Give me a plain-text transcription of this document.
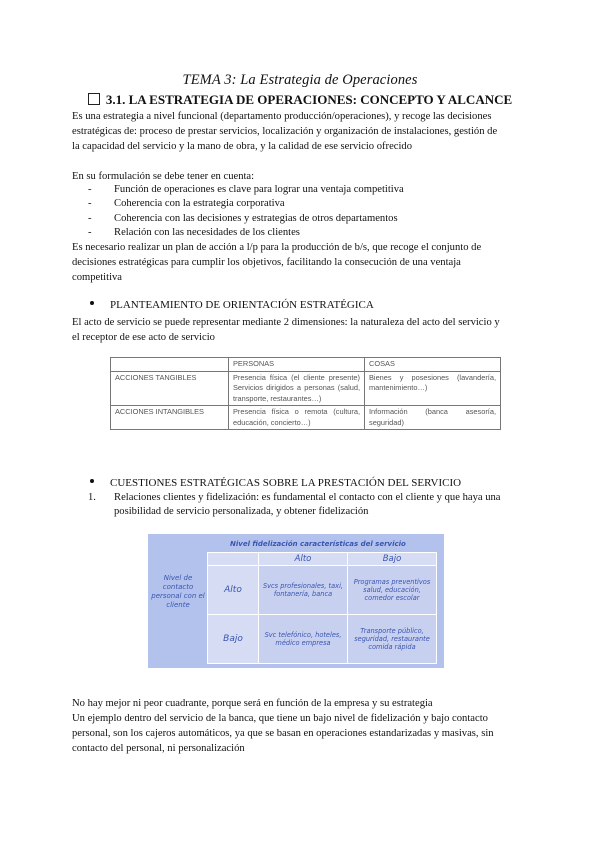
TEMA 3: La Estrategia de Operaciones
3.1. LA ESTRATEGIA DE OPERACIONES: CONCEPTO Y ALCANCE
Es una estrategia a nivel funcional (departamento producción/operaciones), y recoge las decisiones
estratégicas de: proceso de prestar servicios, localización y organización de instalaciones, gestión de
la capacidad del servicio y la mano de obra, y la calidad de ese servicio ofrecido
En su formulación se debe tener en cuenta:
- Función de operaciones es clave para lograr una ventaja competitiva
- Coherencia con la estrategia corporativa
- Coherencia con las decisiones y estrategias de otros departamentos
- Relación con las necesidades de los clientes
Es necesario realizar un plan de acción a l/p para la producción de b/s, que recoge el conjunto de
decisiones estratégicas para cumplir los objetivos, facilitando la consecución de una ventaja
competitiva
PLANTEAMIENTO DE ORIENTACIÓN ESTRATÉGICA
El acto de servicio se puede representar mediante 2 dimensiones: la naturaleza del acto del servicio y
el receptor de ese acto de servicio
	PERSONAS	COSAS
ACCIONES TANGIBLES	Presencia física (el cliente presente) Servicios dirigidos a personas (salud, transporte, restaurantes…)	Bienes y posesiones (lavandería, mantenimiento…)
ACCIONES INTANGIBLES	Presencia física o remota (cultura, educación, concierto…)	Información (banca asesoría, seguridad)
CUESTIONES ESTRATÉGICAS SOBRE LA PRESTACIÓN DEL SERVICIO
1. Relaciones clientes y fidelización: es fundamental el contacto con el cliente y que haya una
posibilidad de servicio personalizada, y obtener fidelización
Nivel fidelización características del servicio
Nivel de contacto personal con el cliente
	Alto	Bajo
Alto	Svcs profesionales, taxi, fontanería, banca	Programas preventivos salud, educación, comedor escolar
Bajo	Svc telefónico, hoteles, médico empresa	Transporte público, seguridad, restaurante comida rápida
No hay mejor ni peor cuadrante, porque será en función de la empresa y su estrategia
Un ejemplo dentro del servicio de la banca, que tiene un bajo nivel de fidelización y bajo contacto
personal, son los cajeros automáticos, ya que se basan en operaciones estandarizadas y masivas, sin
contacto del personal, ni personalización
